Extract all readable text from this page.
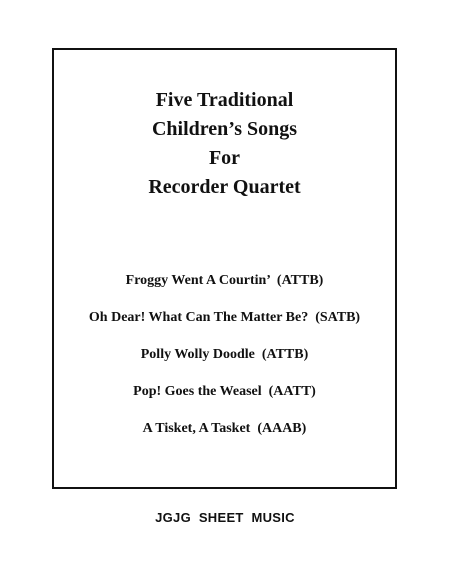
Five Traditional
Children’s Songs
For
Recorder Quartet
Froggy Went A Courtin’  (ATTB)
Oh Dear! What Can The Matter Be?  (SATB)
Polly Wolly Doodle  (ATTB)
Pop! Goes the Weasel  (AATT)
A Tisket, A Tasket  (AAAB)
JGJG  SHEET  MUSIC
